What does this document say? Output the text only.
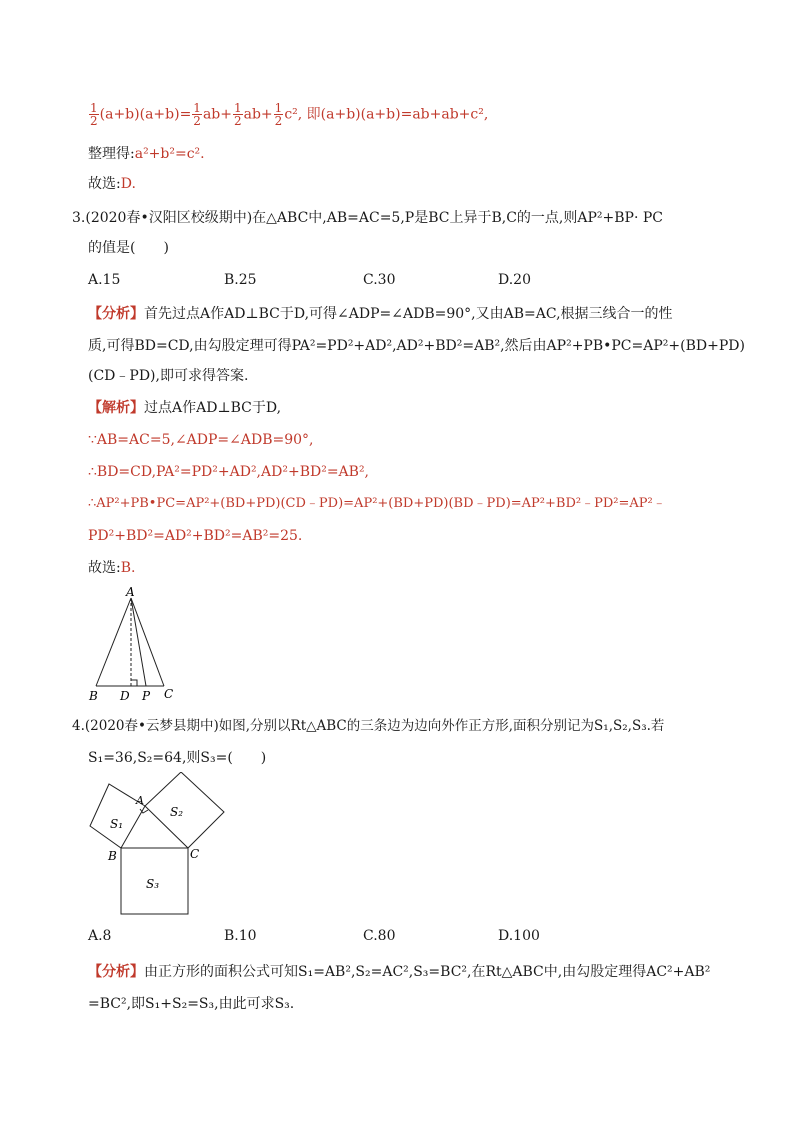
$\frac{1}{2} (a+b)(a+b)= \frac{1}{2} ab+ \frac{1}{2} ab+ \frac{1}{2} c^2$, 即(a+b)(a+b)=ab+ab+c²,
整理得:a²+b²=c².
故选:D.
3.(2020春•汉阳区校级期中)在△ABC中,AB=AC=5,P是BC上异于B,C的一点,则AP²+BP· PC
的值是(　　)
A.15	B.25	C.30	D.20
【分析】首先过点A作AD⊥BC于D,可得∠ADP=∠ADB=90°,又由AB=AC,根据三线合一的性
质,可得BD=CD,由勾股定理可得PA²=PD²+AD²,AD²+BD²=AB²,然后由AP²+PB•PC=AP²+(BD+PD)
(CD﹣PD),即可求得答案.
【解析】过点A作AD⊥BC于D,
∵AB=AC=5,∠ADP=∠ADB=90°,
∴BD=CD,PA²=PD²+AD²,AD²+BD²=AB²,
∴AP²+PB•PC=AP²+(BD+PD)(CD﹣PD)=AP²+(BD+PD)(BD﹣PD)=AP²+BD²﹣PD²=AP²﹣
PD²+BD²=AD²+BD²=AB²=25.
故选:B.
A
B D P C
4.(2020春•云梦县期中)如图,分别以Rt△ABC的三条边为边向外作正方形,面积分别记为S₁,S₂,S₃.若
S₁=36,S₂=64,则S₃=(　　)
A
B	C
S₁
S₂
S₃
A.8	B.10	C.80	D.100
【分析】由正方形的面积公式可知S₁=AB²,S₂=AC²,S₃=BC²,在Rt△ABC中,由勾股定理得AC²+AB²
=BC²,即S₁+S₂=S₃,由此可求S₃.
